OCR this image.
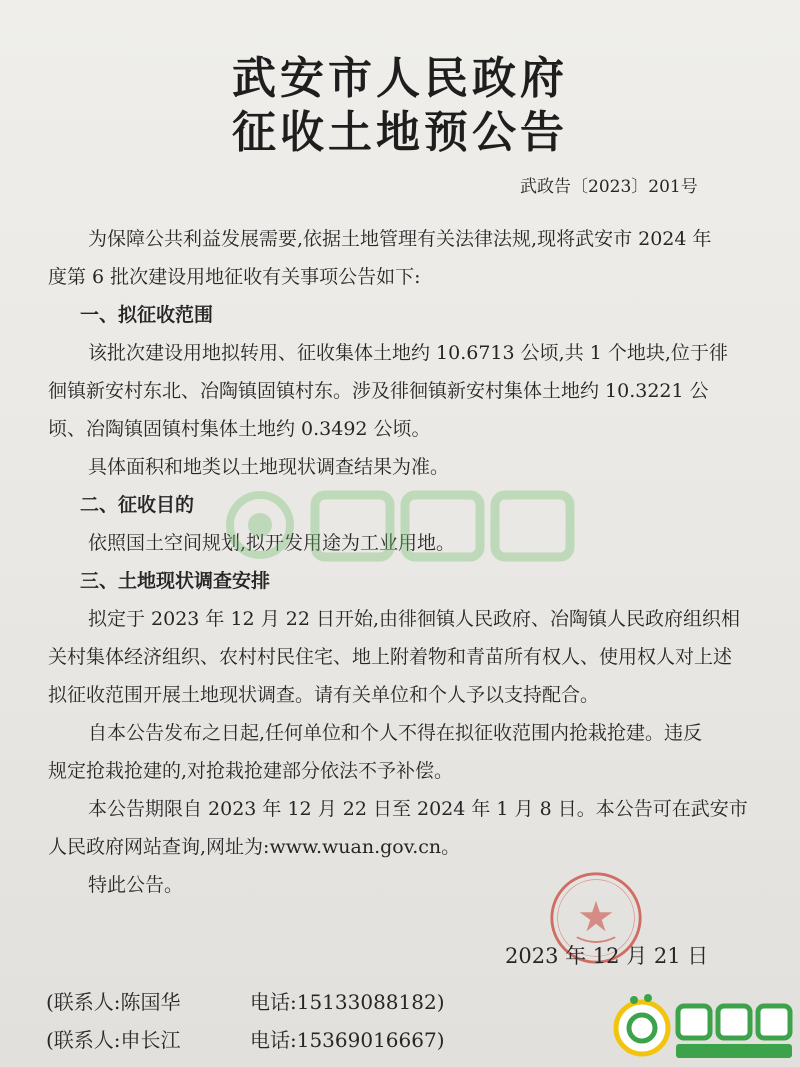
武安市人民政府
征收土地预公告
武政告〔2023〕201号
为保障公共利益发展需要,依据土地管理有关法律法规,现将武安市 2024 年
度第 6 批次建设用地征收有关事项公告如下:
一、拟征收范围
该批次建设用地拟转用、征收集体土地约 10.6713 公顷,共 1 个地块,位于徘
徊镇新安村东北、冶陶镇固镇村东。涉及徘徊镇新安村集体土地约 10.3221 公
顷、冶陶镇固镇村集体土地约 0.3492 公顷。
具体面积和地类以土地现状调查结果为准。
二、征收目的
依照国土空间规划,拟开发用途为工业用地。
三、土地现状调查安排
拟定于 2023 年 12 月 22 日开始,由徘徊镇人民政府、冶陶镇人民政府组织相
关村集体经济组织、农村村民住宅、地上附着物和青苗所有权人、使用权人对上述
拟征收范围开展土地现状调查。请有关单位和个人予以支持配合。
自本公告发布之日起,任何单位和个人不得在拟征收范围内抢栽抢建。违反
规定抢栽抢建的,对抢栽抢建部分依法不予补偿。
本公告期限自 2023 年 12 月 22 日至 2024 年 1 月 8 日。本公告可在武安市
人民政府网站查询,网址为:www.wuan.gov.cn。
特此公告。
2023 年 12 月 21 日
(联系人:陈国华	电话:15133088182)
(联系人:申长江	电话:15369016667)
